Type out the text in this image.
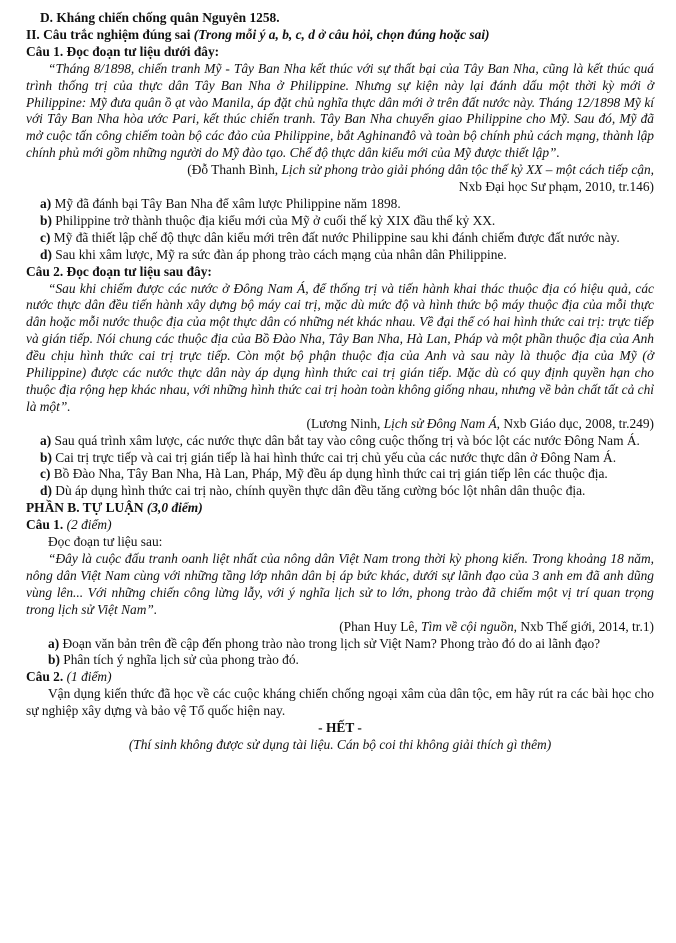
D. Kháng chiến chống quân Nguyên 1258.

II. Câu trắc nghiệm đúng sai (Trong mỗi ý a, b, c, d ở câu hỏi, chọn đúng hoặc sai)

Câu 1. Đọc đoạn tư liệu dưới đây:

“Tháng 8/1898, chiến tranh Mỹ - Tây Ban Nha kết thúc với sự thất bại của Tây Ban Nha, cũng là kết thúc quá trình thống trị của thực dân Tây Ban Nha ở Philippine. Nhưng sự kiện này lại đánh dấu một thời kỳ mới ở Philippine: Mỹ đưa quân ồ ạt vào Manila, áp đặt chủ nghĩa thực dân mới ở trên đất nước này. Tháng 12/1898 Mỹ kí với Tây Ban Nha hòa ước Pari, kết thúc chiến tranh. Tây Ban Nha chuyển giao Philippine cho Mỹ. Sau đó, Mỹ đã mở cuộc tấn công chiếm toàn bộ các đảo của Philippine, bắt Aghinanđô và toàn bộ chính phủ cách mạng, thành lập chính phủ mới gồm những người do Mỹ đào tạo. Chế độ thực dân kiểu mới của Mỹ được thiết lập”.

(Đỗ Thanh Bình, Lịch sử phong trào giải phóng dân tộc thế kỷ XX – một cách tiếp cận,

Nxb Đại học Sư phạm, 2010, tr.146)

a) Mỹ đã đánh bại Tây Ban Nha để xâm lược Philippine năm 1898.

b) Philippine trở thành thuộc địa kiểu mới của Mỹ ở cuối thế kỷ XIX đầu thế kỷ XX.

c) Mỹ đã thiết lập chế độ thực dân kiểu mới trên đất nước Philippine sau khi đánh chiếm được đất nước này.

d) Sau khi xâm lược, Mỹ ra sức đàn áp phong trào cách mạng của nhân dân Philippine.

Câu 2. Đọc đoạn tư liệu sau đây:

“Sau khi chiếm được các nước ở Đông Nam Á, để thống trị và tiến hành khai thác thuộc địa có hiệu quả, các nước thực dân đều tiến hành xây dựng bộ máy cai trị, mặc dù mức độ và hình thức bộ máy thuộc địa của mỗi thực dân hoặc mỗi nước thuộc địa của một thực dân có những nét khác nhau. Về đại thể có hai hình thức cai trị: trực tiếp và gián tiếp. Nói chung các thuộc địa của Bồ Đào Nha, Tây Ban Nha, Hà Lan, Pháp và một phần thuộc địa của Anh đều chịu hình thức cai trị trực tiếp. Còn một bộ phận thuộc địa của Anh và sau này là thuộc địa của Mỹ (ở Philippine) được các nước thực dân này áp dụng hình thức cai trị gián tiếp. Mặc dù có quy định quyền hạn cho thuộc địa rộng hẹp khác nhau, với những hình thức cai trị hoàn toàn không giống nhau, nhưng về bản chất tất cả chỉ là một”.

(Lương Ninh, Lịch sử Đông Nam Á, Nxb Giáo dục, 2008, tr.249)

a) Sau quá trình xâm lược, các nước thực dân bắt tay vào công cuộc thống trị và bóc lột các nước Đông Nam Á.

b) Cai trị trực tiếp và cai trị gián tiếp là hai hình thức cai trị chủ yếu của các nước thực dân ở Đông Nam Á.

c) Bồ Đào Nha, Tây Ban Nha, Hà Lan, Pháp, Mỹ đều áp dụng hình thức cai trị gián tiếp lên các thuộc địa.

d) Dù áp dụng hình thức cai trị nào, chính quyền thực dân đều tăng cường bóc lột nhân dân thuộc địa.

PHẦN B. TỰ LUẬN (3,0 điểm)

Câu 1. (2 điểm)

Đọc đoạn tư liệu sau:

“Đây là cuộc đấu tranh oanh liệt nhất của nông dân Việt Nam trong thời kỳ phong kiến. Trong khoảng 18 năm, nông dân Việt Nam cùng với những tầng lớp nhân dân bị áp bức khác, dưới sự lãnh đạo của 3 anh em đã anh dũng vùng lên... Với những chiến công lừng lẫy, với ý nghĩa lịch sử to lớn, phong trào đã chiếm một vị trí quan trọng trong lịch sử Việt Nam”.

(Phan Huy Lê, Tìm về cội nguồn, Nxb Thế giới, 2014, tr.1)

a) Đoạn văn bản trên đề cập đến phong trào nào trong lịch sử Việt Nam? Phong trào đó do ai lãnh đạo?

b) Phân tích ý nghĩa lịch sử của phong trào đó.

Câu 2. (1 điểm)

Vận dụng kiến thức đã học về các cuộc kháng chiến chống ngoại xâm của dân tộc, em hãy rút ra các bài học cho sự nghiệp xây dựng và bảo vệ Tổ quốc hiện nay.

- HẾT -

(Thí sinh không được sử dụng tài liệu. Cán bộ coi thi không giải thích gì thêm)
